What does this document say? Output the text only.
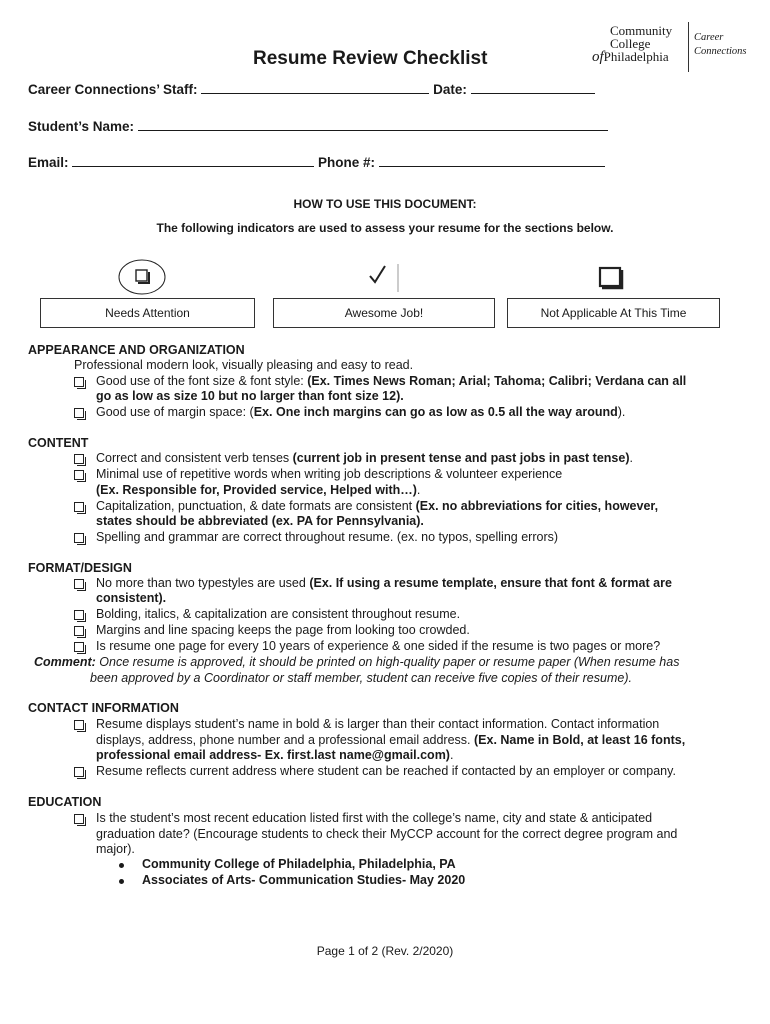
Resume Review Checklist
Community
College
ofPhiladelphia
Career
Connections
Career Connections’ Staff:	Date:
Student’s Name:
Email:	Phone #:
HOW TO USE THIS DOCUMENT:
The following indicators are used to assess your resume for the sections below.
Needs Attention	Awesome Job!	Not Applicable At This Time
APPEARANCE AND ORGANIZATION
Professional modern look, visually pleasing and easy to read.
Good use of the font size & font style: (Ex. Times News Roman; Arial; Tahoma; Calibri; Verdana can all
go as low as size 10 but no larger than font size 12).
Good use of margin space: (Ex. One inch margins can go as low as 0.5 all the way around).
CONTENT
Correct and consistent verb tenses (current job in present tense and past jobs in past tense).
Minimal use of repetitive words when writing job descriptions & volunteer experience
(Ex. Responsible for, Provided service, Helped with…).
Capitalization, punctuation, & date formats are consistent (Ex. no abbreviations for cities, however,
states should be abbreviated (ex. PA for Pennsylvania).
Spelling and grammar are correct throughout resume. (ex. no typos, spelling errors)
FORMAT/DESIGN
No more than two typestyles are used (Ex. If using a resume template, ensure that font & format are
consistent).
Bolding, italics, & capitalization are consistent throughout resume.
Margins and line spacing keeps the page from looking too crowded.
Is resume one page for every 10 years of experience & one sided if the resume is two pages or more?
Comment: Once resume is approved, it should be printed on high-quality paper or resume paper (When resume has
been approved by a Coordinator or staff member, student can receive five copies of their resume).
CONTACT INFORMATION
Resume displays student’s name in bold & is larger than their contact information. Contact information
displays, address, phone number and a professional email address. (Ex. Name in Bold, at least 16 fonts,
professional email address- Ex. first.last name@gmail.com).
Resume reflects current address where student can be reached if contacted by an employer or company.
EDUCATION
Is the student’s most recent education listed first with the college’s name, city and state & anticipated
graduation date? (Encourage students to check their MyCCP account for the correct degree program and
major).
Community College of Philadelphia, Philadelphia, PA
Associates of Arts- Communication Studies- May 2020
Page 1 of 2 (Rev. 2/2020)
